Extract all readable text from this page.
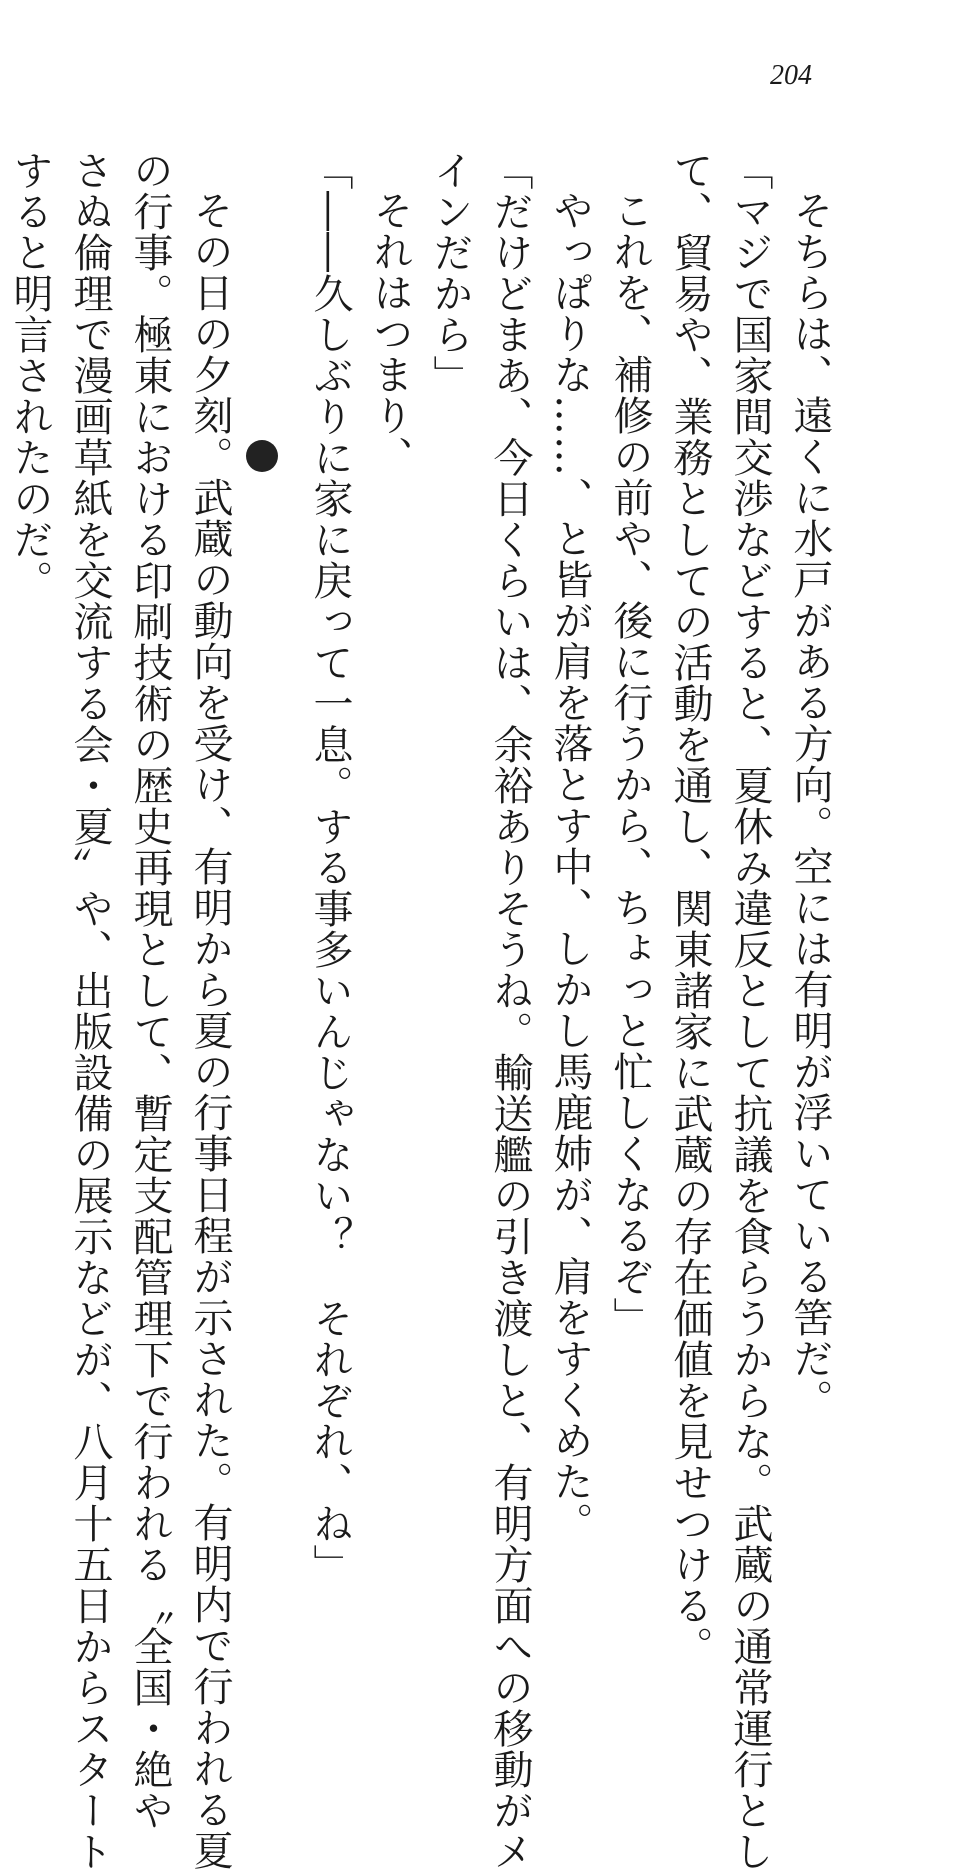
204
そちらは、遠くに水戸がある方向。空には有明が浮いている筈だ。
「マジで国家間交渉などすると、夏休み違反として抗議を食らうからな。武蔵の通常運行とし
て、貿易や、業務としての活動を通し、関東諸家に武蔵の存在価値を見せつける。
これを、補修の前や、後に行うから、ちょっと忙しくなるぞ」
やっぱりな……、と皆が肩を落とす中、しかし馬鹿姉が、肩をすくめた。
「だけどまあ、今日くらいは、余裕ありそうね。輸送艦の引き渡しと、有明方面への移動がメ
インだから」
それはつまり、
「――久しぶりに家に戻って一息。する事多いんじゃない？　それぞれ、ね」
その日の夕刻。武蔵の動向を受け、有明から夏の行事日程が示された。有明内で行われる夏
の行事。極東における印刷技術の歴史再現として、暫定支配管理下で行われる〝全国・絶や
さぬ倫理で漫画草紙を交流する会・夏〟や、出版設備の展示などが、八月十五日からスタート
すると明言されたのだ。
